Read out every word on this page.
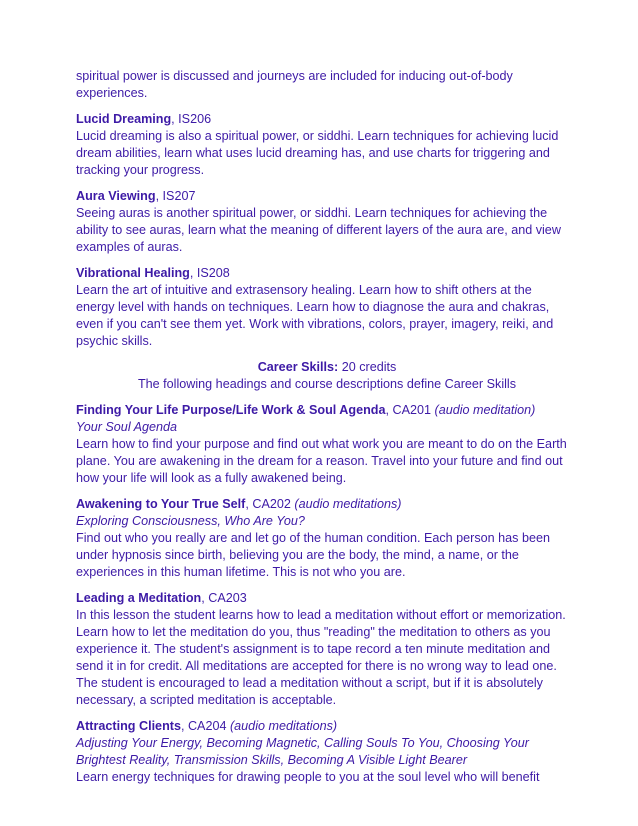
spiritual power is discussed and journeys are included for inducing out-of-body
experiences.

Lucid Dreaming, IS206

Lucid dreaming is also a spiritual power, or siddhi. Learn techniques for achieving lucid
dream abilities, learn what uses lucid dreaming has, and use charts for triggering and
tracking your progress.

Aura Viewing, IS207

Seeing auras is another spiritual power, or siddhi. Learn techniques for achieving the
ability to see auras, learn what the meaning of different layers of the aura are, and view
examples of auras.

Vibrational Healing, IS208

Learn the art of intuitive and extrasensory healing. Learn how to shift others at the
energy level with hands on techniques. Learn how to diagnose the aura and chakras,
even if you can't see them yet. Work with vibrations, colors, prayer, imagery, reiki, and
psychic skills.

Career Skills: 20 credits

The following headings and course descriptions define Career Skills

Finding Your Life Purpose/Life Work & Soul Agenda, CA201 (audio meditation)

Your Soul Agenda

Learn how to find your purpose and find out what work you are meant to do on the Earth
plane. You are awakening in the dream for a reason. Travel into your future and find out
how your life will look as a fully awakened being.

Awakening to Your True Self, CA202 (audio meditations)

Exploring Consciousness, Who Are You?

Find out who you really are and let go of the human condition. Each person has been
under hypnosis since birth, believing you are the body, the mind, a name, or the
experiences in this human lifetime. This is not who you are.

Leading a Meditation, CA203

In this lesson the student learns how to lead a meditation without effort or memorization.
Learn how to let the meditation do you, thus "reading" the meditation to others as you
experience it. The student's assignment is to tape record a ten minute meditation and
send it in for credit. All meditations are accepted for there is no wrong way to lead one.
The student is encouraged to lead a meditation without a script, but if it is absolutely
necessary, a scripted meditation is acceptable.

Attracting Clients, CA204 (audio meditations)

Adjusting Your Energy, Becoming Magnetic, Calling Souls To You, Choosing Your
Brightest Reality, Transmission Skills, Becoming A Visible Light Bearer

Learn energy techniques for drawing people to you at the soul level who will benefit
